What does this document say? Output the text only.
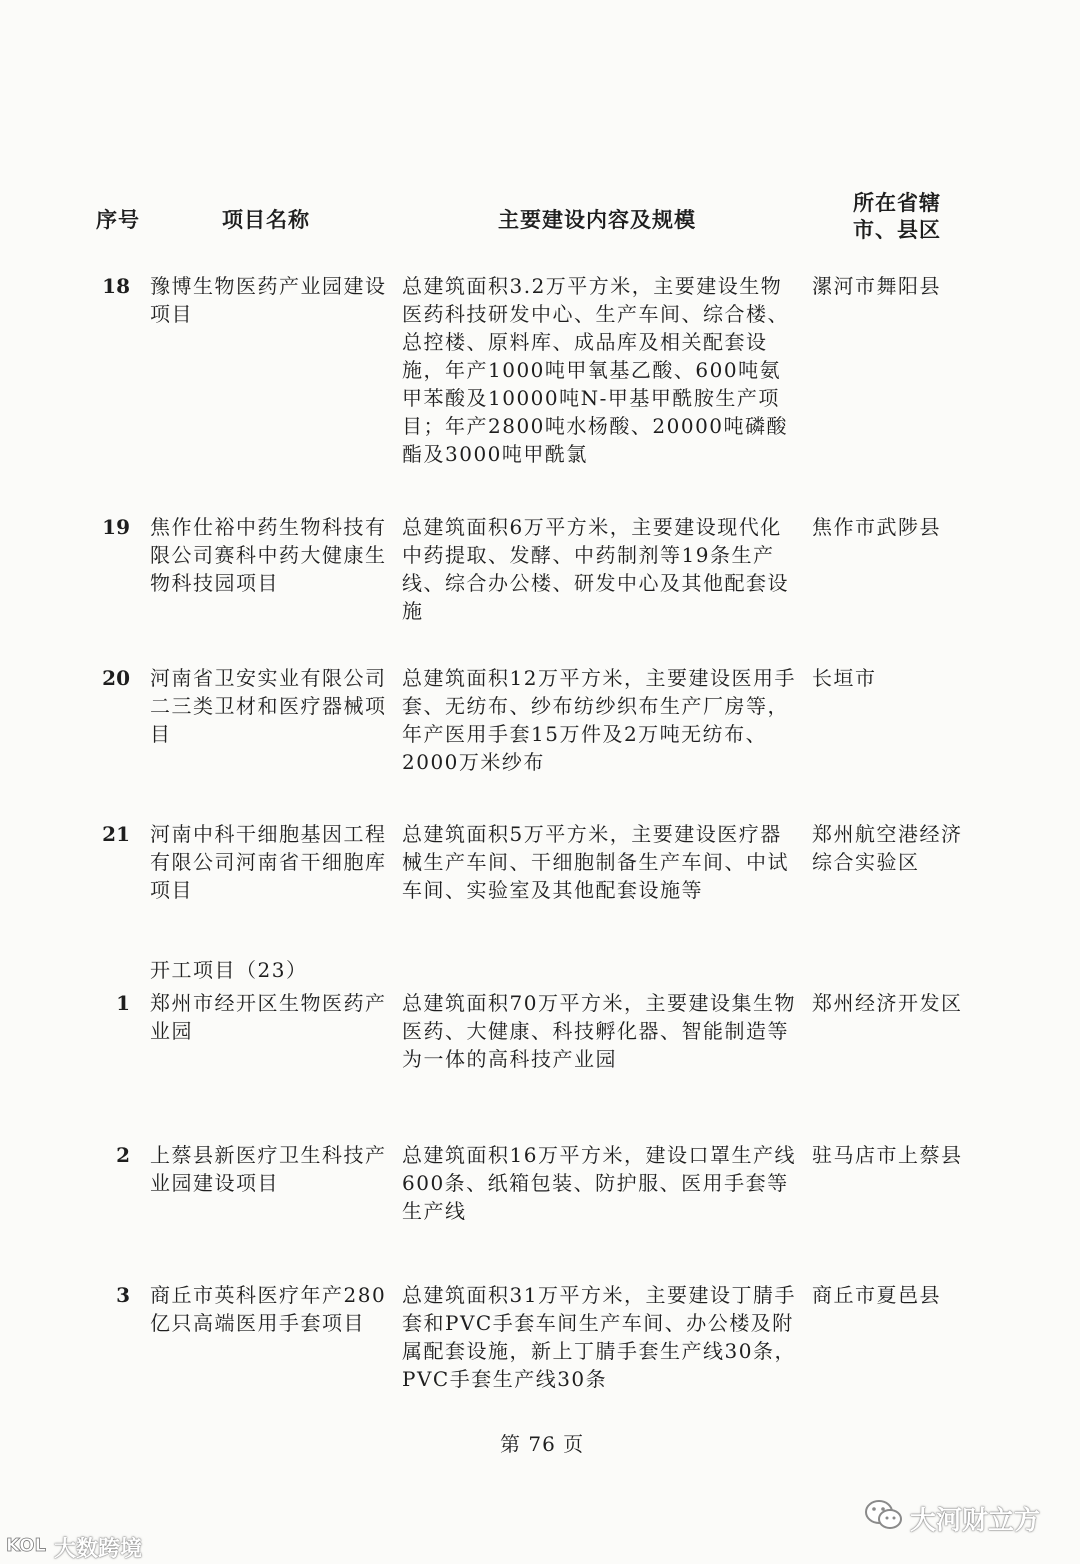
序号	项目名称	主要建设内容及规模
所在省辖市、县区
18 豫博生物医药产业园建设项目
总建筑面积3.2万平方米，主要建设生物医药科技研发中心、生产车间、综合楼、总控楼、原料库、成品库及相关配套设施，年产1000吨甲氧基乙酸、600吨氨甲苯酸及10000吨N-甲基甲酰胺生产项目；年产2800吨水杨酸、20000吨磷酸酯及3000吨甲酰氯
漯河市舞阳县
19 焦作仕裕中药生物科技有限公司赛科中药大健康生物科技园项目
总建筑面积6万平方米，主要建设现代化中药提取、发酵、中药制剂等19条生产线、综合办公楼、研发中心及其他配套设施
焦作市武陟县
20 河南省卫安实业有限公司二三类卫材和医疗器械项目
总建筑面积12万平方米，主要建设医用手套、无纺布、纱布纺纱织布生产厂房等，年产医用手套15万件及2万吨无纺布、2000万米纱布
长垣市
21 河南中科干细胞基因工程有限公司河南省干细胞库项目
总建筑面积5万平方米，主要建设医疗器械生产车间、干细胞制备生产车间、中试车间、实验室及其他配套设施等
郑州航空港经济综合实验区
开工项目（23）
1 郑州市经开区生物医药产业园
总建筑面积70万平方米，主要建设集生物医药、大健康、科技孵化器、智能制造等为一体的高科技产业园
郑州经济开发区
2 上蔡县新医疗卫生科技产业园建设项目
总建筑面积16万平方米，建设口罩生产线600条、纸箱包装、防护服、医用手套等生产线
驻马店市上蔡县
3 商丘市英科医疗年产280亿只高端医用手套项目
总建筑面积31万平方米，主要建设丁腈手套和PVC手套车间生产车间、办公楼及附属配套设施，新上丁腈手套生产线30条，PVC手套生产线30条
商丘市夏邑县
第 76 页
大河财立方
KOL 大数跨境
